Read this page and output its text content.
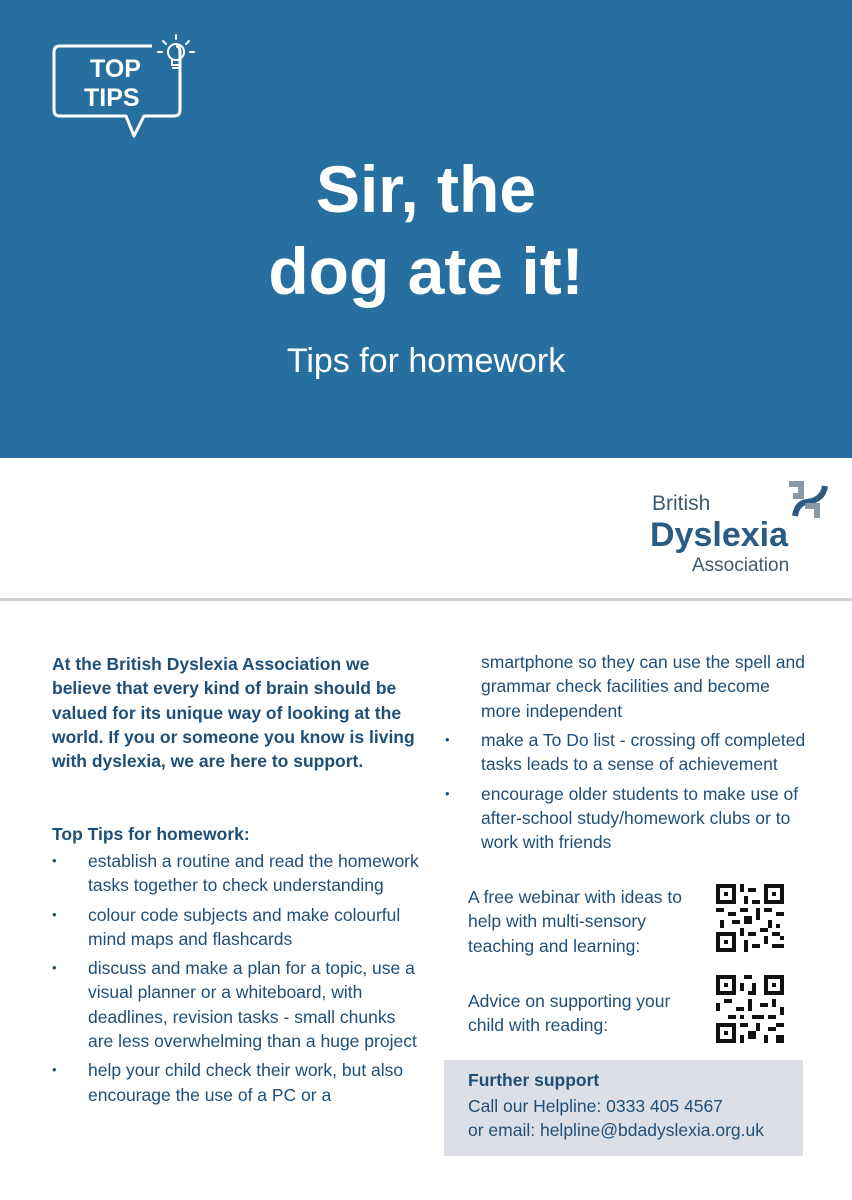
TOP
TIPS
Sir, the
dog ate it!
Tips for homework
British
Dyslexia
Association
At the British Dyslexia Association we believe that every kind of brain should be valued for its unique way of looking at the world. If you or someone you know is living with dyslexia, we are here to support.
Top Tips for homework:
• establish a routine and read the homework tasks together to check understanding
• colour code subjects and make colourful mind maps and flashcards
• discuss and make a plan for a topic, use a visual planner or a whiteboard, with deadlines, revision tasks - small chunks are less overwhelming than a huge project
• help your child check their work, but also encourage the use of a PC or a
smartphone so they can use the spell and grammar check facilities and become more independent
• make a To Do list - crossing off completed tasks leads to a sense of achievement
• encourage older students to make use of after-school study/homework clubs or to work with friends
A free webinar with ideas to help with multi-sensory teaching and learning:
Advice on supporting your child with reading:
Further support
Call our Helpline: 0333 405 4567
or email: helpline@bdadyslexia.org.uk
